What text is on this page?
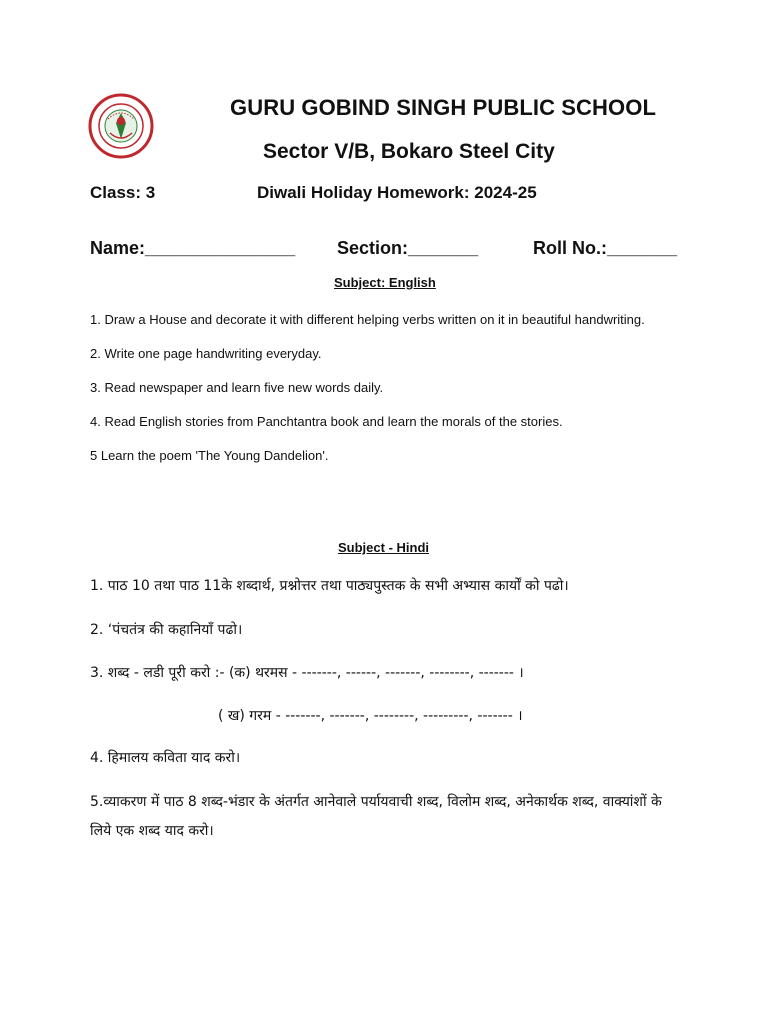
GURU GOBIND SINGH PUBLIC SCHOOL
Sector V/B, Bokaro Steel City
Class: 3	Diwali Holiday Homework: 2024-25
Name:_______________ Section:_______	Roll No.:_______
Subject: English
1. Draw a House and decorate it with different helping verbs written on it in beautiful handwriting.
2. Write one page handwriting everyday.
3. Read newspaper and learn five new words daily.
4. Read English stories from Panchtantra book and learn the morals of the stories.
5 Learn the poem 'The Young Dandelion'.
Subject - Hindi
1. पाठ 10 तथा पाठ 11के शब्दार्थ, प्रश्नोत्तर तथा पाठ्यपुस्तक के सभी अभ्यास कार्यों को पढो।
2. ‘पंचतंत्र की कहानियाँ पढो।
3. शब्द - लडी पूरी करो :- (क) थरमस - -------, ------, -------, --------, ------- ।
( ख) गरम - -------, -------, --------, ---------, ------- ।
4. हिमालय कविता याद करो।
5.व्याकरण में पाठ 8 शब्द-भंडार के अंतर्गत आनेवाले पर्यायवाची शब्द, विलोम शब्द, अनेकार्थक शब्द, वाक्यांशों के लिये एक शब्द याद करो।
